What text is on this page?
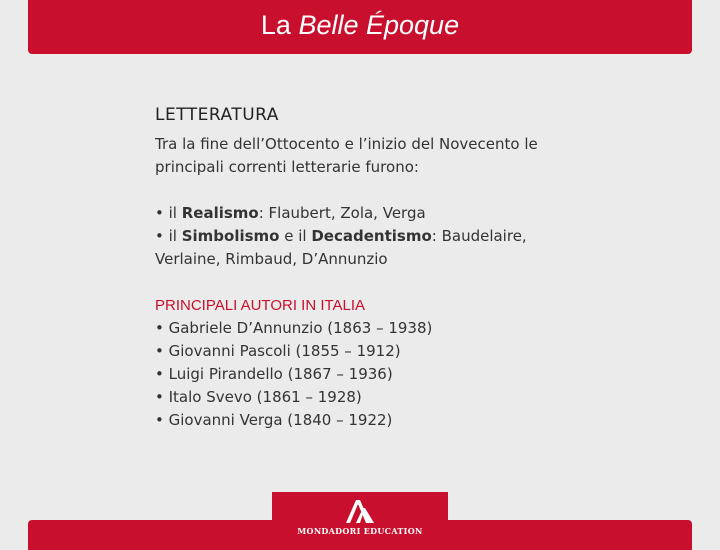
La Belle Époque
LETTERATURA

Tra la fine dell’Ottocento e l’inizio del Novecento le principali correnti letterarie furono:

• il Realismo: Flaubert, Zola, Verga
• il Simbolismo e il Decadentismo: Baudelaire, Verlaine, Rimbaud, D’Annunzio
PRINCIPALI AUTORI IN ITALIA
• Gabriele D’Annunzio (1863 – 1938)
• Giovanni Pascoli (1855 – 1912)
• Luigi Pirandello (1867 – 1936)
• Italo Svevo (1861 – 1928)
• Giovanni Verga (1840 – 1922)
MONDADORI EDUCATION
